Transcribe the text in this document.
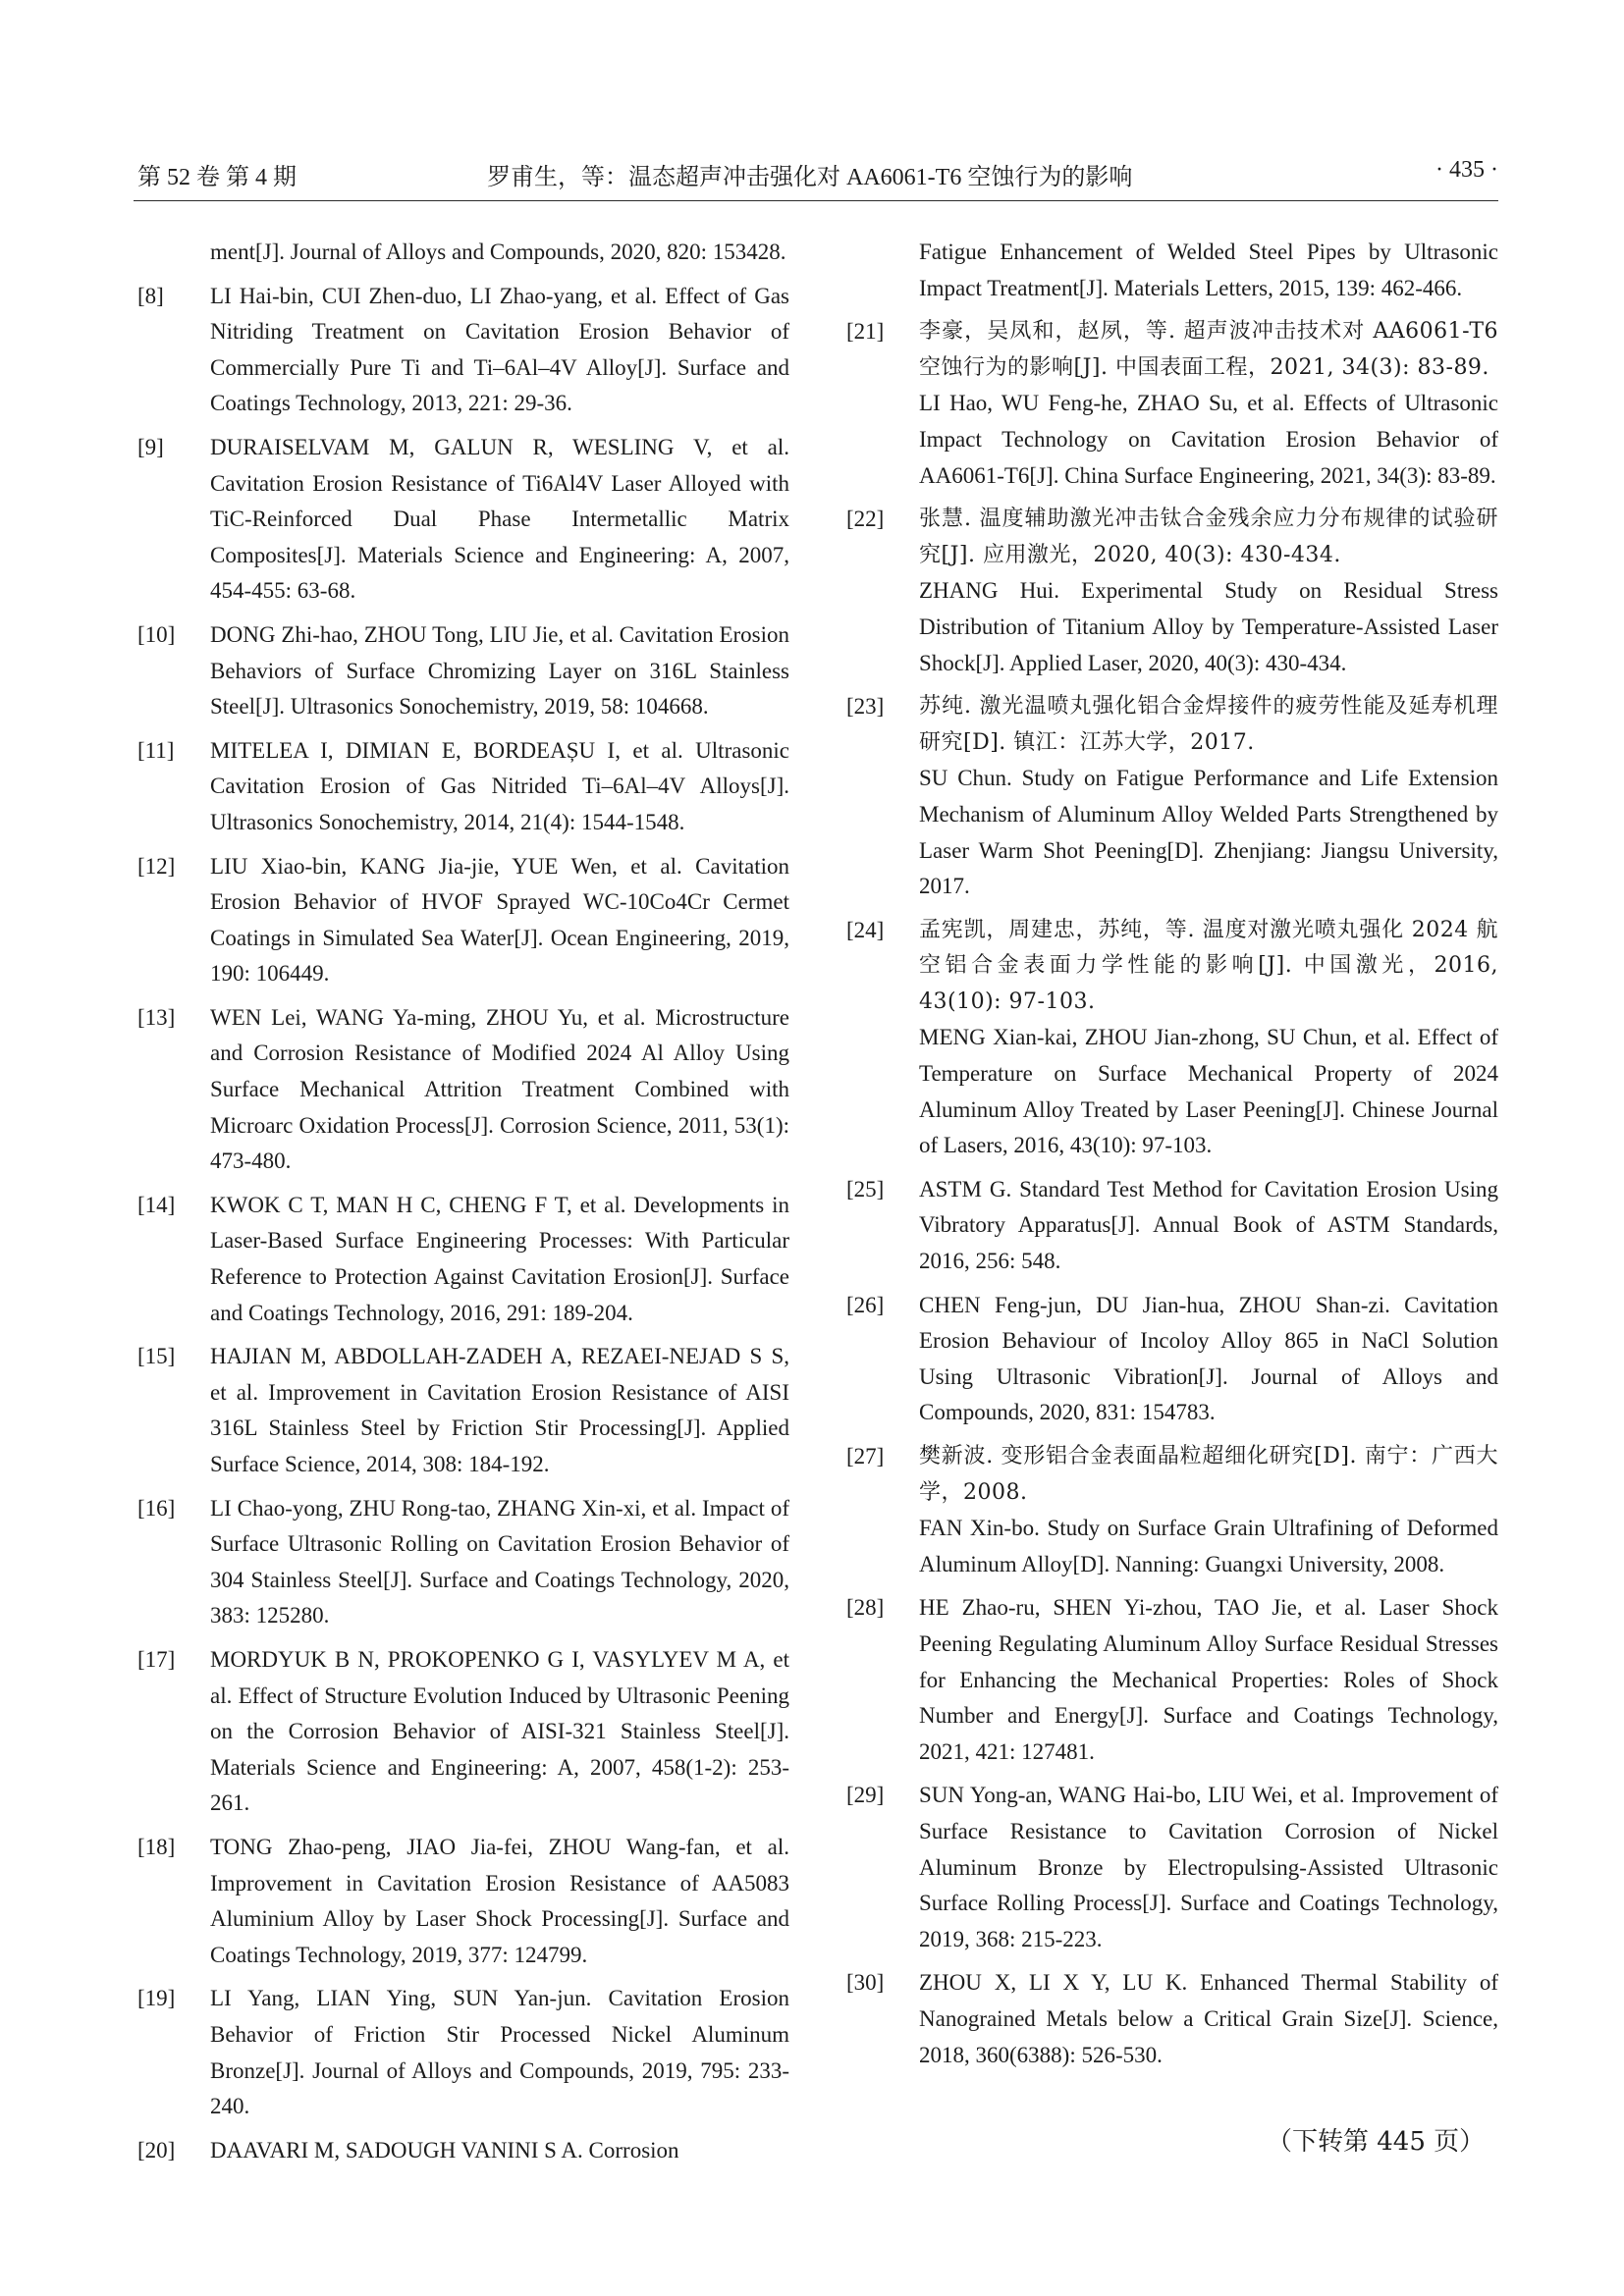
第 52 卷 第 4 期	罗甫生，等：温态超声冲击强化对 AA6061-T6 空蚀行为的影响	· 435 ·

ment[J]. Journal of Alloys and Compounds, 2020, 820: 153428.

[8]	LI Hai-bin, CUI Zhen-duo, LI Zhao-yang, et al. Effect of Gas Nitriding Treatment on Cavitation Erosion Behavior of Commercially Pure Ti and Ti–6Al–4V Alloy[J]. Surface and Coatings Technology, 2013, 221: 29-36.

[9]	DURAISELVAM M, GALUN R, WESLING V, et al. Cavitation Erosion Resistance of Ti6Al4V Laser Alloyed with TiC-Reinforced Dual Phase Intermetallic Matrix Composites[J]. Materials Science and Engineering: A, 2007, 454-455: 63-68.

[10]	DONG Zhi-hao, ZHOU Tong, LIU Jie, et al. Cavitation Erosion Behaviors of Surface Chromizing Layer on 316L Stainless Steel[J]. Ultrasonics Sonochemistry, 2019, 58: 104668.

[11]	MITELEA I, DIMIAN E, BORDEAȘU I, et al. Ultrasonic Cavitation Erosion of Gas Nitrided Ti–6Al–4V Alloys[J]. Ultrasonics Sonochemistry, 2014, 21(4): 1544-1548.

[12]	LIU Xiao-bin, KANG Jia-jie, YUE Wen, et al. Cavitation Erosion Behavior of HVOF Sprayed WC-10Co4Cr Cermet Coatings in Simulated Sea Water[J]. Ocean Engineering, 2019, 190: 106449.

[13]	WEN Lei, WANG Ya-ming, ZHOU Yu, et al. Microstructure and Corrosion Resistance of Modified 2024 Al Alloy Using Surface Mechanical Attrition Treatment Combined with Microarc Oxidation Process[J]. Corrosion Science, 2011, 53(1): 473-480.

[14]	KWOK C T, MAN H C, CHENG F T, et al. Developments in Laser-Based Surface Engineering Processes: With Particular Reference to Protection Against Cavitation Erosion[J]. Surface and Coatings Technology, 2016, 291: 189-204.

[15]	HAJIAN M, ABDOLLAH-ZADEH A, REZAEI-NEJAD S S, et al. Improvement in Cavitation Erosion Resistance of AISI 316L Stainless Steel by Friction Stir Processing[J]. Applied Surface Science, 2014, 308: 184-192.

[16]	LI Chao-yong, ZHU Rong-tao, ZHANG Xin-xi, et al. Impact of Surface Ultrasonic Rolling on Cavitation Erosion Behavior of 304 Stainless Steel[J]. Surface and Coatings Technology, 2020, 383: 125280.

[17]	MORDYUK B N, PROKOPENKO G I, VASYLYEV M A, et al. Effect of Structure Evolution Induced by Ultrasonic Peening on the Corrosion Behavior of AISI-321 Stainless Steel[J]. Materials Science and Engineering: A, 2007, 458(1-2): 253-261.

[18]	TONG Zhao-peng, JIAO Jia-fei, ZHOU Wang-fan, et al. Improvement in Cavitation Erosion Resistance of AA5083 Aluminium Alloy by Laser Shock Processing[J]. Surface and Coatings Technology, 2019, 377: 124799.

[19]	LI Yang, LIAN Ying, SUN Yan-jun. Cavitation Erosion Behavior of Friction Stir Processed Nickel Aluminum Bronze[J]. Journal of Alloys and Compounds, 2019, 795: 233-240.

[20]	DAAVARI M, SADOUGH VANINI S A. Corrosion

Fatigue Enhancement of Welded Steel Pipes by Ultrasonic Impact Treatment[J]. Materials Letters, 2015, 139: 462-466.

[21]	李豪，吴凤和，赵夙，等. 超声波冲击技术对 AA6061-T6 空蚀行为的影响[J]. 中国表面工程，2021, 34(3): 83-89.

LI Hao, WU Feng-he, ZHAO Su, et al. Effects of Ultrasonic Impact Technology on Cavitation Erosion Behavior of AA6061-T6[J]. China Surface Engineering, 2021, 34(3): 83-89.

[22]	张慧. 温度辅助激光冲击钛合金残余应力分布规律的试验研究[J]. 应用激光，2020, 40(3): 430-434.

ZHANG Hui. Experimental Study on Residual Stress Distribution of Titanium Alloy by Temperature-Assisted Laser Shock[J]. Applied Laser, 2020, 40(3): 430-434.

[23]	苏纯. 激光温喷丸强化铝合金焊接件的疲劳性能及延寿机理研究[D]. 镇江：江苏大学，2017.

SU Chun. Study on Fatigue Performance and Life Extension Mechanism of Aluminum Alloy Welded Parts Strengthened by Laser Warm Shot Peening[D]. Zhenjiang: Jiangsu University, 2017.

[24]	孟宪凯，周建忠，苏纯，等. 温度对激光喷丸强化 2024 航空铝合金表面力学性能的影响[J]. 中国激光，2016, 43(10): 97-103.

MENG Xian-kai, ZHOU Jian-zhong, SU Chun, et al. Effect of Temperature on Surface Mechanical Property of 2024 Aluminum Alloy Treated by Laser Peening[J]. Chinese Journal of Lasers, 2016, 43(10): 97-103.

[25]	ASTM G. Standard Test Method for Cavitation Erosion Using Vibratory Apparatus[J]. Annual Book of ASTM Standards, 2016, 256: 548.

[26]	CHEN Feng-jun, DU Jian-hua, ZHOU Shan-zi. Cavitation Erosion Behaviour of Incoloy Alloy 865 in NaCl Solution Using Ultrasonic Vibration[J]. Journal of Alloys and Compounds, 2020, 831: 154783.

[27]	樊新波. 变形铝合金表面晶粒超细化研究[D]. 南宁：广西大学，2008.

FAN Xin-bo. Study on Surface Grain Ultrafining of Deformed Aluminum Alloy[D]. Nanning: Guangxi University, 2008.

[28]	HE Zhao-ru, SHEN Yi-zhou, TAO Jie, et al. Laser Shock Peening Regulating Aluminum Alloy Surface Residual Stresses for Enhancing the Mechanical Properties: Roles of Shock Number and Energy[J]. Surface and Coatings Technology, 2021, 421: 127481.

[29]	SUN Yong-an, WANG Hai-bo, LIU Wei, et al. Improvement of Surface Resistance to Cavitation Corrosion of Nickel Aluminum Bronze by Electropulsing-Assisted Ultrasonic Surface Rolling Process[J]. Surface and Coatings Technology, 2019, 368: 215-223.

[30]	ZHOU X, LI X Y, LU K. Enhanced Thermal Stability of Nanograined Metals below a Critical Grain Size[J]. Science, 2018, 360(6388): 526-530.

（下转第 445 页）
